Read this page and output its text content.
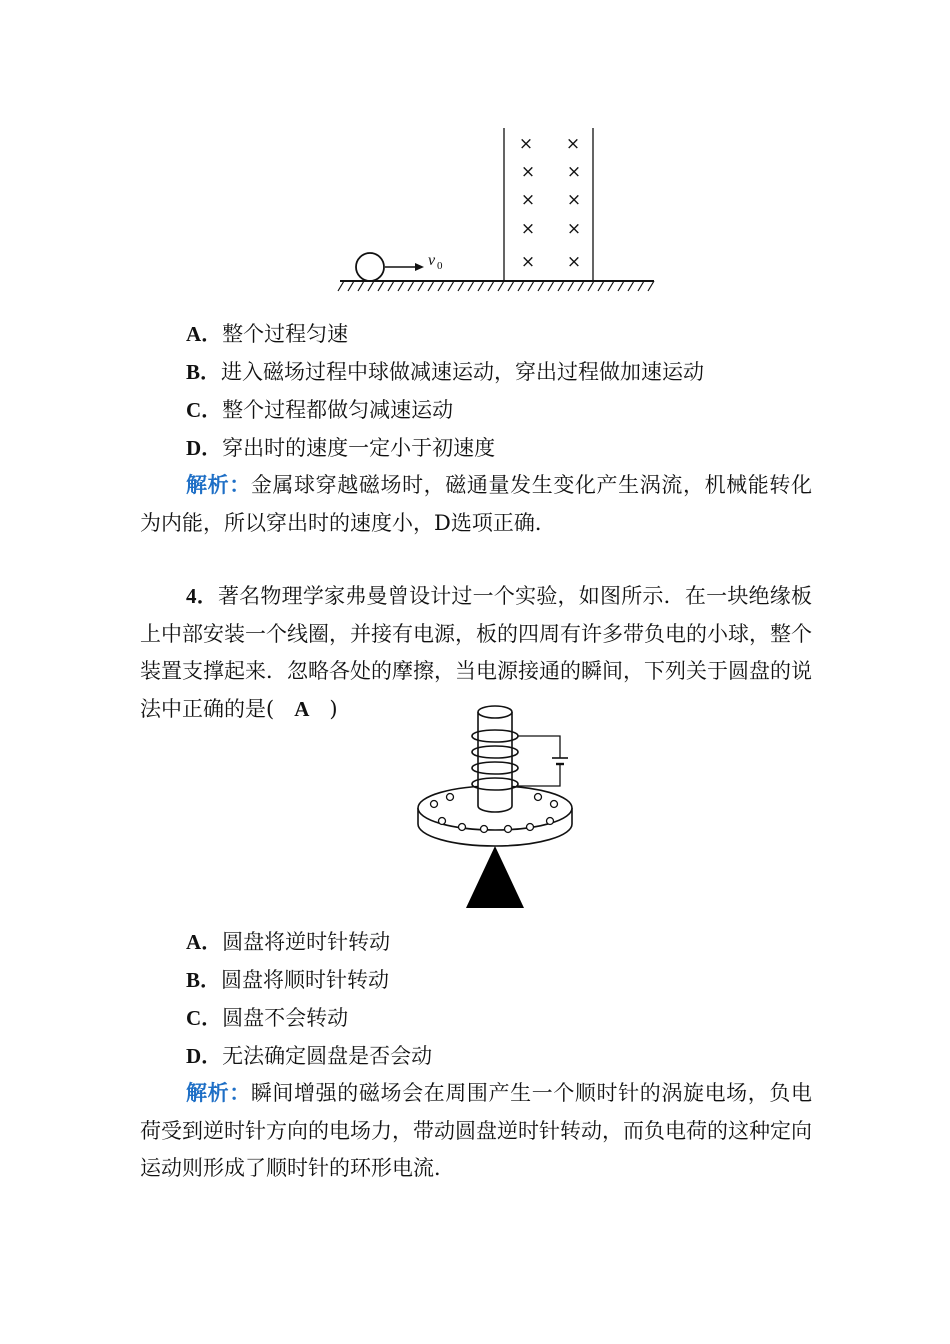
v 0
× ×
× ×
× ×
× ×
× ×
A．整个过程匀速
B．进入磁场过程中球做减速运动，穿出过程做加速运动
C．整个过程都做匀减速运动
D．穿出时的速度一定小于初速度
解析：金属球穿越磁场时，磁通量发生变化产生涡流，机械能转化为内能，所以穿出时的速度小，D选项正确．
4．著名物理学家弗曼曾设计过一个实验，如图所示．在一块绝缘板上中部安装一个线圈，并接有电源，板的四周有许多带负电的小球，整个装置支撑起来．忽略各处的摩擦，当电源接通的瞬间，下列关于圆盘的说法中正确的是( A )
A．圆盘将逆时针转动
B．圆盘将顺时针转动
C．圆盘不会转动
D．无法确定圆盘是否会动
解析：瞬间增强的磁场会在周围产生一个顺时针的涡旋电场，负电荷受到逆时针方向的电场力，带动圆盘逆时针转动，而负电荷的这种定向运动则形成了顺时针的环形电流．
